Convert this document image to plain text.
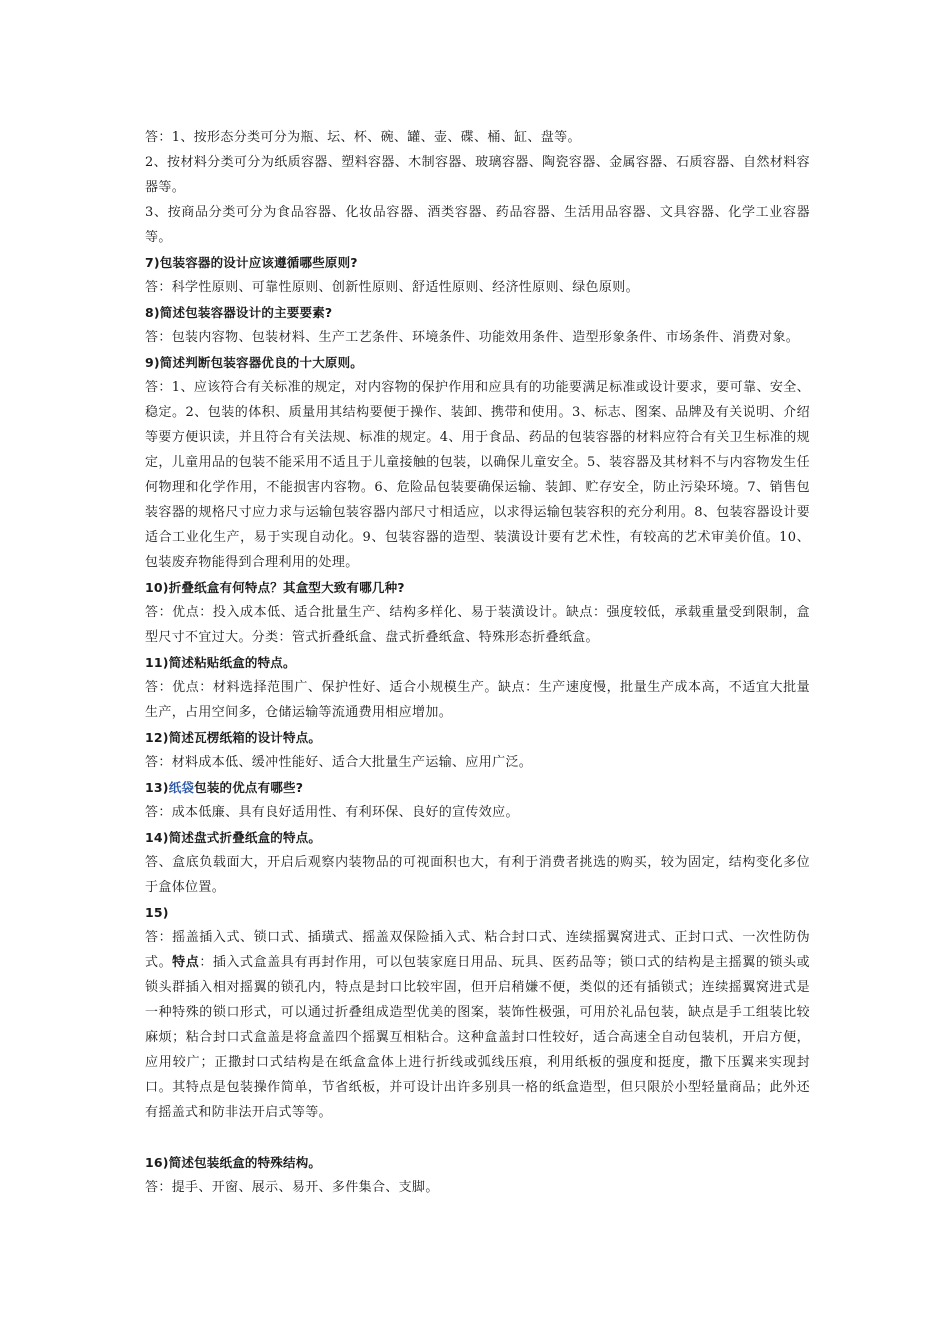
答：1、按形态分类可分为瓶、坛、杯、碗、罐、壶、碟、桶、缸、盘等。

2、按材料分类可分为纸质容器、塑料容器、木制容器、玻璃容器、陶瓷容器、金属容器、石质容器、自然材料容器等。

3、按商品分类可分为食品容器、化妆品容器、酒类容器、药品容器、生活用品容器、文具容器、化学工业容器等。

7)包装容器的设计应该遵循哪些原则?

答：科学性原则、可靠性原则、创新性原则、舒适性原则、经济性原则、绿色原则。

8)简述包装容器设计的主要要素?

答：包装内容物、包装材料、生产工艺条件、环境条件、功能效用条件、造型形象条件、市场条件、消费对象。

9)简述判断包装容器优良的十大原则。

答：1、应该符合有关标准的规定，对内容物的保护作用和应具有的功能要满足标准或设计要求，要可靠、安全、稳定。2、包装的体积、质量用其结构要便于操作、装卸、携带和使用。3、标志、图案、品牌及有关说明、介绍等要方便识读，并且符合有关法规、标准的规定。4、用于食品、药品的包装容器的材料应符合有关卫生标准的规定，儿童用品的包装不能采用不适且于儿童接触的包装，以确保儿童安全。5、装容器及其材料不与内容物发生任何物理和化学作用，不能损害内容物。6、危险品包装要确保运输、装卸、贮存安全，防止污染环境。7、销售包装容器的规格尺寸应力求与运输包装容器内部尺寸相适应，以求得运输包装容积的充分利用。8、包装容器设计要适合工业化生产，易于实现自动化。9、包装容器的造型、装潢设计要有艺术性，有较高的艺术审美价值。10、包装废弃物能得到合理利用的处理。

10)折叠纸盒有何特点？其盒型大致有哪几种?

答：优点：投入成本低、适合批量生产、结构多样化、易于装潢设计。缺点：强度较低，承载重量受到限制，盒型尺寸不宜过大。分类：管式折叠纸盒、盘式折叠纸盒、特殊形态折叠纸盒。

11)简述粘贴纸盒的特点。

答：优点：材料选择范围广、保护性好、适合小规模生产。缺点：生产速度慢，批量生产成本高，不适宜大批量生产，占用空间多，仓储运输等流通费用相应增加。

12)简述瓦楞纸箱的设计特点。

答：材料成本低、缓冲性能好、适合大批量生产运输、应用广泛。

13)纸袋包装的优点有哪些?

答：成本低廉、具有良好适用性、有利环保、良好的宣传效应。

14)简述盘式折叠纸盒的特点。

答、盒底负载面大，开启后观察内装物品的可视面积也大，有利于消费者挑选的购买，较为固定，结构变化多位于盒体位置。

15)

答：摇盖插入式、锁口式、插璜式、摇盖双保险插入式、粘合封口式、连续摇翼窝进式、正封口式、一次性防伪式。特点：插入式盒盖具有再封作用，可以包装家庭日用品、玩具、医药品等；锁口式的结构是主摇翼的锁头或锁头群插入相对摇翼的锁孔内，特点是封口比较牢固，但开启稍嫌不便，类似的还有插锁式；连续摇翼窝进式是一种特殊的锁口形式，可以通过折叠组成造型优美的图案，装饰性极强，可用於礼品包装，缺点是手工组装比较麻烦；粘合封口式盒盖是将盒盖四个摇翼互相粘合。这种盒盖封口性较好，适合高速全自动包装机，开启方便，应用较广；正撒封口式结构是在纸盒盒体上进行折线或弧线压痕，利用纸板的强度和挺度，撒下压翼来实现封口。其特点是包装操作简单，节省纸板，并可设计出许多别具一格的纸盒造型，但只限於小型轻量商品；此外还有摇盖式和防非法开启式等等。

16)简述包装纸盒的特殊结构。

答：提手、开窗、展示、易开、多件集合、支脚。
